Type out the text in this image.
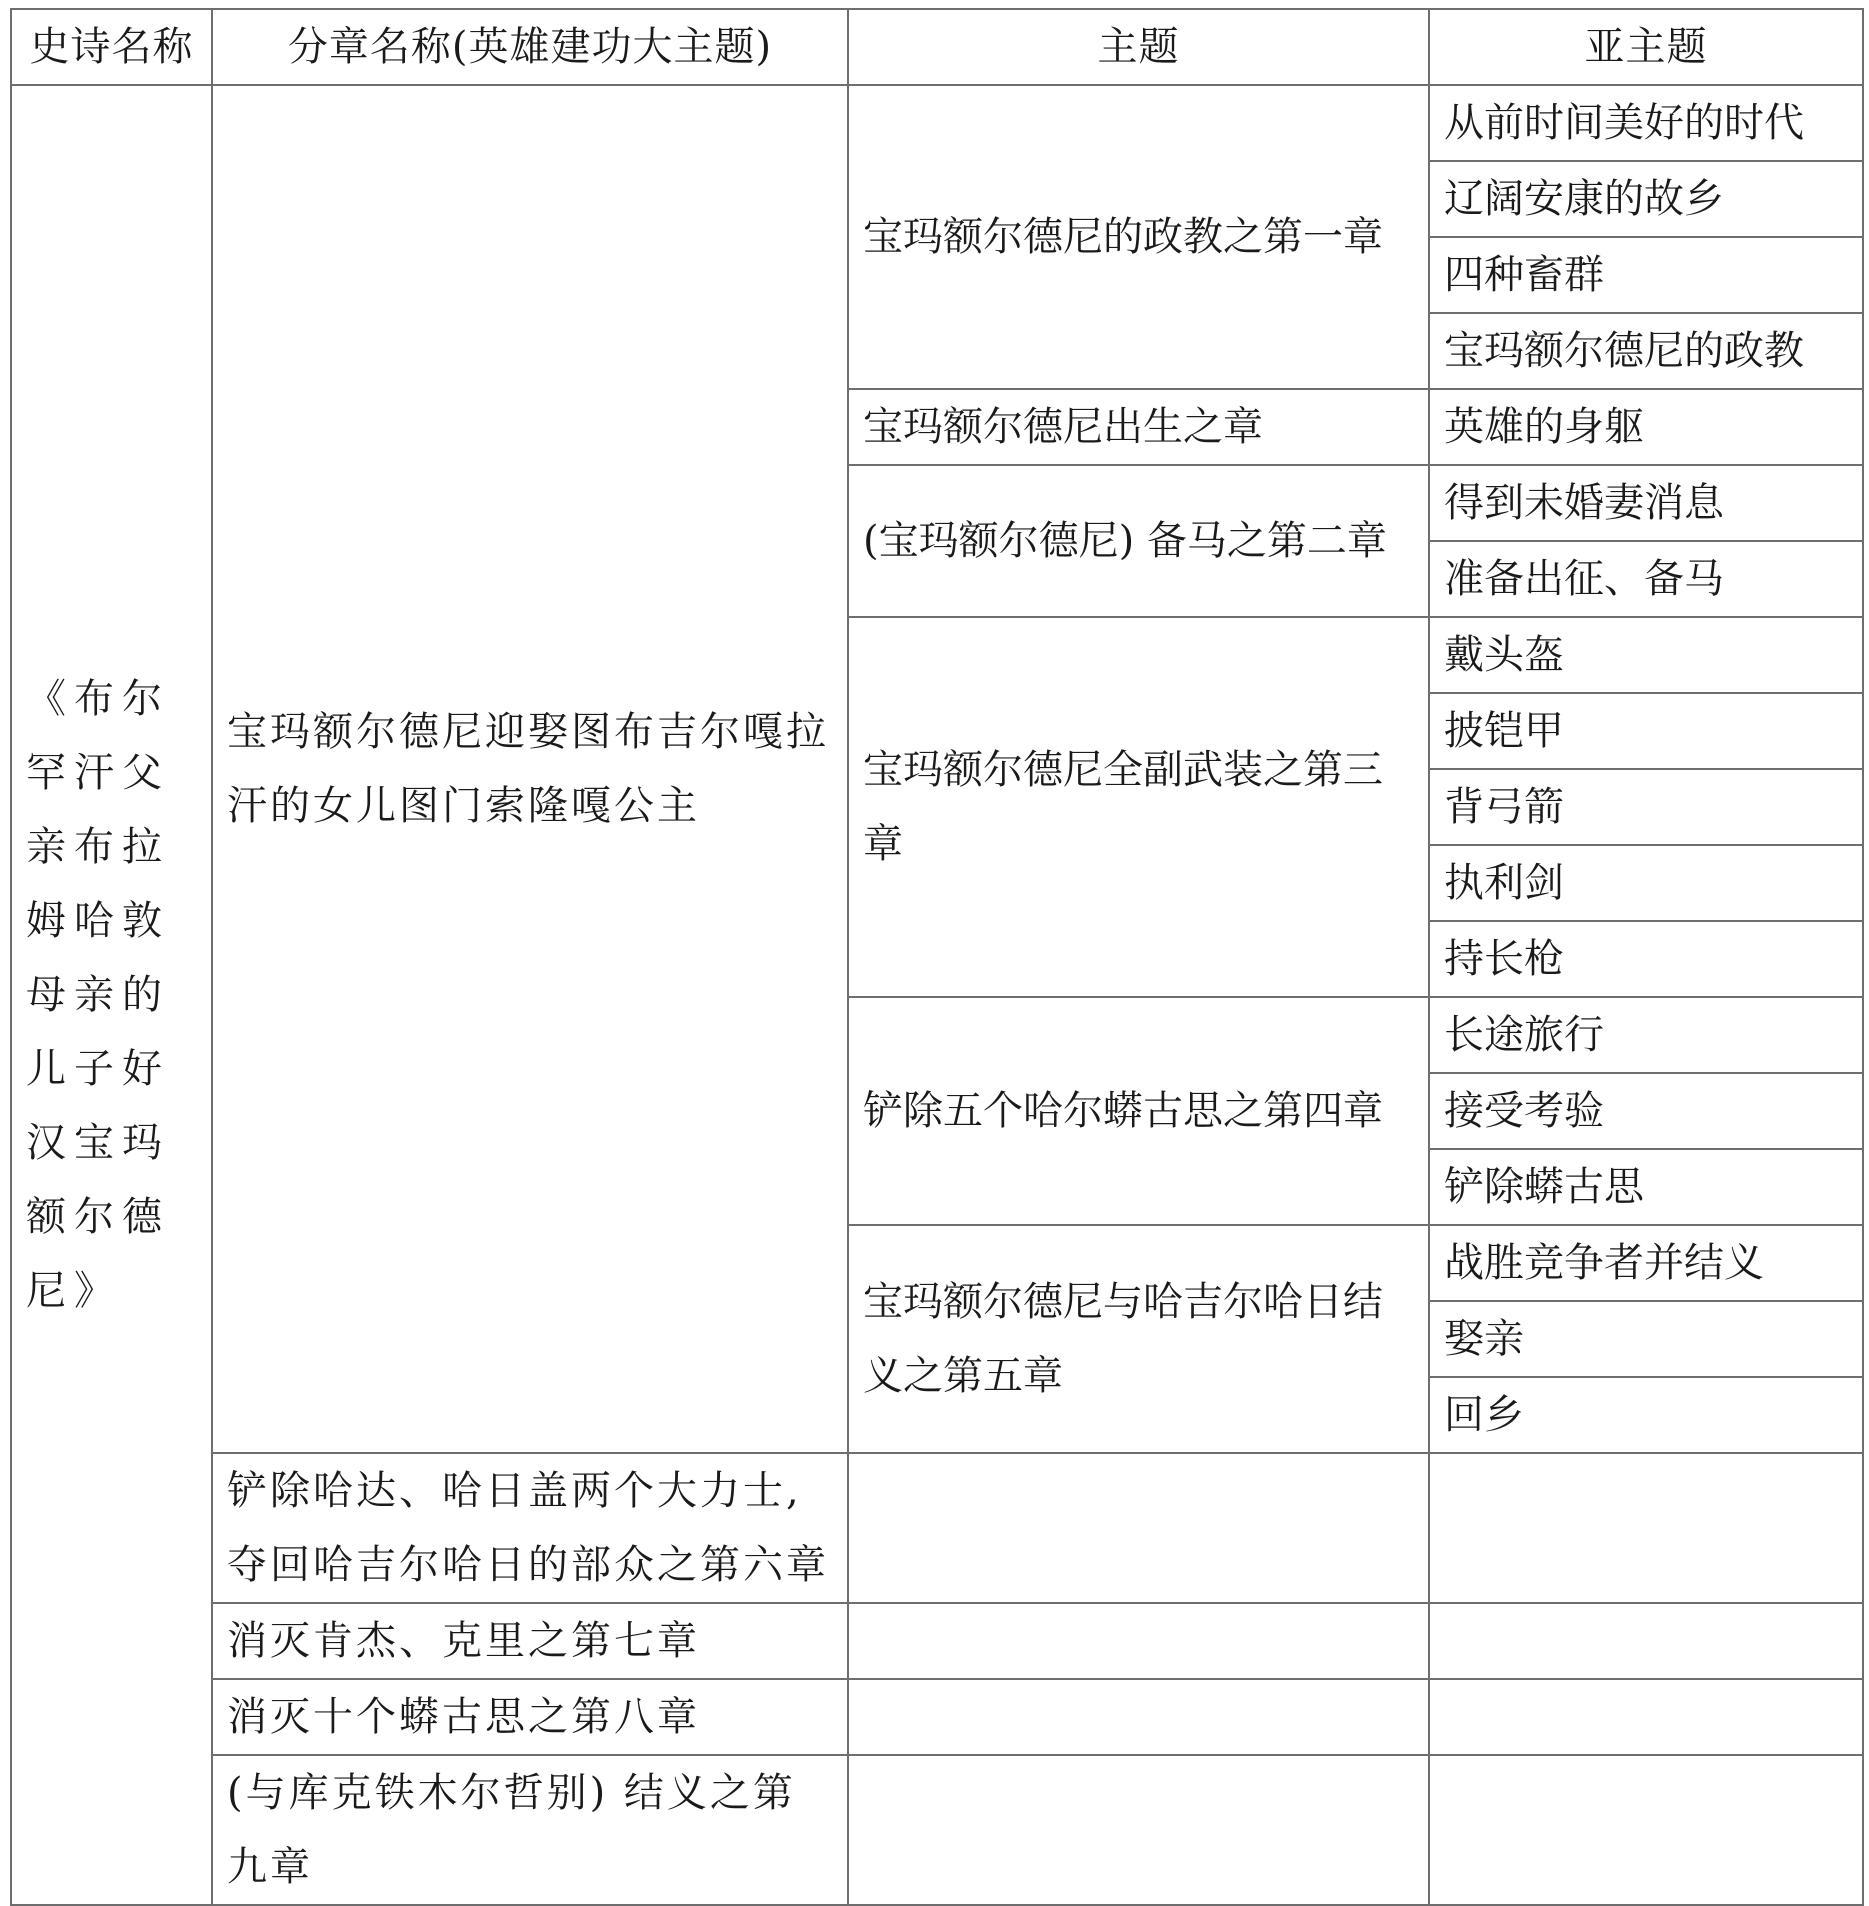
史诗名称	分章名称(英雄建功大主题)	主题	亚主题
《布尔罕汗父亲布拉姆哈敦母亲的儿子好汉宝玛额尔德尼》	宝玛额尔德尼迎娶图布吉尔嘎拉汗的女儿图门索隆嘎公主	宝玛额尔德尼的政教之第一章	从前时间美好的时代
			辽阔安康的故乡
			四种畜群
			宝玛额尔德尼的政教
		宝玛额尔德尼出生之章	英雄的身躯
		(宝玛额尔德尼) 备马之第二章	得到未婚妻消息
			准备出征、备马
		宝玛额尔德尼全副武装之第三章	戴头盔
			披铠甲
			背弓箭
			执利剑
			持长枪
		铲除五个哈尔蟒古思之第四章	长途旅行
			接受考验
			铲除蟒古思
		宝玛额尔德尼与哈吉尔哈日结义之第五章	战胜竞争者并结义
			娶亲
			回乡
	铲除哈达、哈日盖两个大力士,夺回哈吉尔哈日的部众之第六章		
	消灭肯杰、克里之第七章		
	消灭十个蟒古思之第八章		
	(与库克铁木尔哲别) 结义之第九章		
